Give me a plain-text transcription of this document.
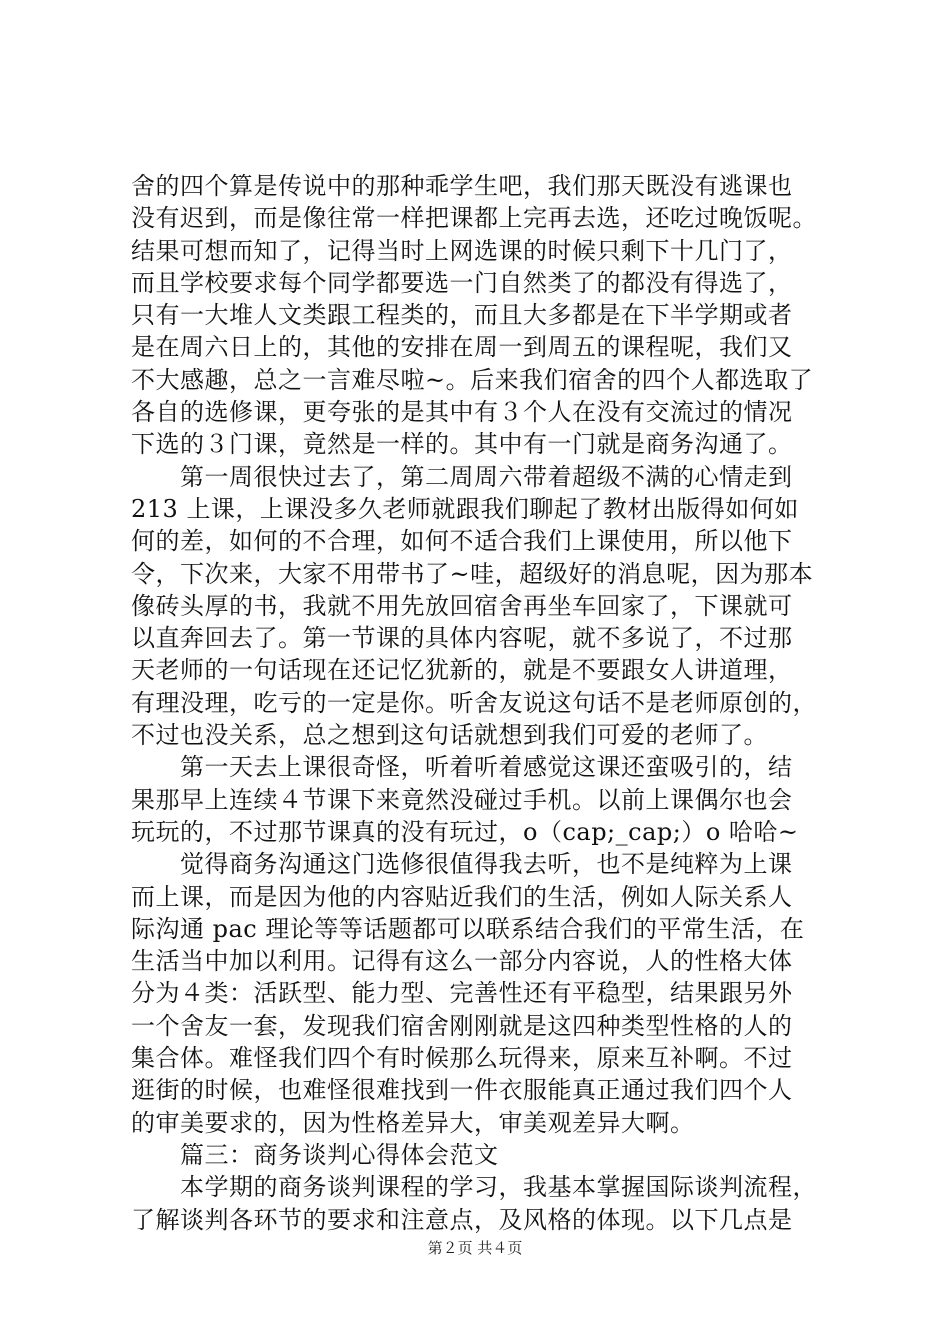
舍的四个算是传说中的那种乖学生吧，我们那天既没有逃课也
没有迟到，而是像往常一样把课都上完再去选，还吃过晚饭呢。
结果可想而知了，记得当时上网选课的时候只剩下十几门了，
而且学校要求每个同学都要选一门自然类了的都没有得选了，
只有一大堆人文类跟工程类的，而且大多都是在下半学期或者
是在周六日上的，其他的安排在周一到周五的课程呢，我们又
不大感趣，总之一言难尽啦~。后来我们宿舍的四个人都选取了
各自的选修课，更夸张的是其中有３个人在没有交流过的情况
下选的３门课，竟然是一样的。其中有一门就是商务沟通了。
　　第一周很快过去了，第二周周六带着超级不满的心情走到
213 上课，上课没多久老师就跟我们聊起了教材出版得如何如
何的差，如何的不合理，如何不适合我们上课使用，所以他下
令，下次来，大家不用带书了~哇，超级好的消息呢，因为那本
像砖头厚的书，我就不用先放回宿舍再坐车回家了，下课就可
以直奔回去了。第一节课的具体内容呢，就不多说了，不过那
天老师的一句话现在还记忆犹新的，就是不要跟女人讲道理，
有理没理，吃亏的一定是你。听舍友说这句话不是老师原创的，
不过也没关系，总之想到这句话就想到我们可爱的老师了。
　　第一天去上课很奇怪，听着听着感觉这课还蛮吸引的，结
果那早上连续４节课下来竟然没碰过手机。以前上课偶尔也会
玩玩的，不过那节课真的没有玩过，o（cap;_cap;）o 哈哈~
　　觉得商务沟通这门选修很值得我去听，也不是纯粹为上课
而上课，而是因为他的内容贴近我们的生活，例如人际关系人
际沟通 pac 理论等等话题都可以联系结合我们的平常生活，在
生活当中加以利用。记得有这么一部分内容说，人的性格大体
分为４类：活跃型、能力型、完善性还有平稳型，结果跟另外
一个舍友一套，发现我们宿舍刚刚就是这四种类型性格的人的
集合体。难怪我们四个有时候那么玩得来，原来互补啊。不过
逛街的时候，也难怪很难找到一件衣服能真正通过我们四个人
的审美要求的，因为性格差异大，审美观差异大啊。
　　篇三：商务谈判心得体会范文
　　本学期的商务谈判课程的学习，我基本掌握国际谈判流程，
了解谈判各环节的要求和注意点，及风格的体现。以下几点是
第２页 共４页
